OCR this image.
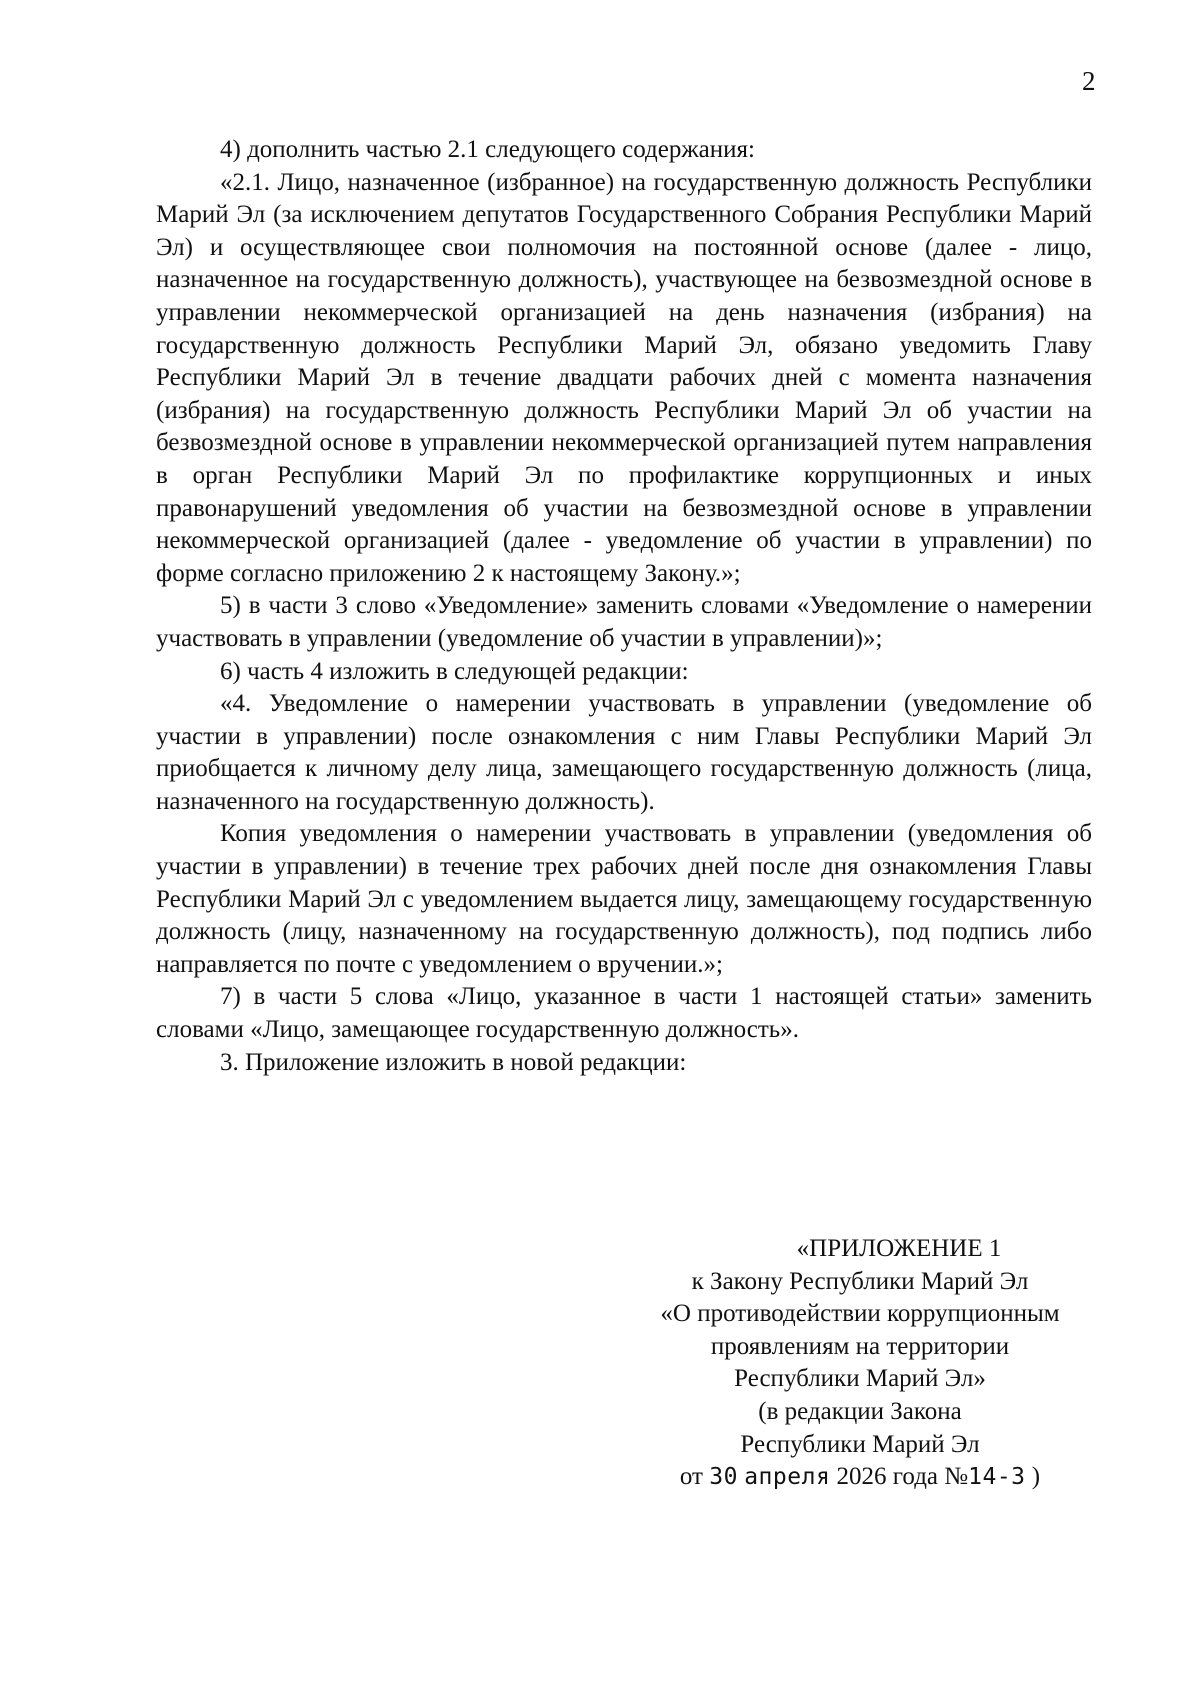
2

4) дополнить частью 2.1 следующего содержания:

«2.1. Лицо, назначенное (избранное) на государственную должность Республики Марий Эл (за исключением депутатов Государственного Собрания Республики Марий Эл) и осуществляющее свои полномочия на постоянной основе (далее - лицо, назначенное на государственную должность), участвующее на безвозмездной основе в управлении некоммерческой организацией на день назначения (избрания) на государственную должность Республики Марий Эл, обязано уведомить Главу Республики Марий Эл в течение двадцати рабочих дней с момента назначения (избрания) на государственную должность Республики Марий Эл об участии на безвозмездной основе в управлении некоммерческой организацией путем направления в орган Республики Марий Эл по профилактике коррупционных и иных правонарушений уведомления об участии на безвозмездной основе в управлении некоммерческой организацией (далее - уведомление об участии в управлении) по форме согласно приложению 2 к настоящему Закону.»;

5) в части 3 слово «Уведомление» заменить словами «Уведомление о намерении участвовать в управлении (уведомление об участии в управлении)»;

6) часть 4 изложить в следующей редакции:

«4. Уведомление о намерении участвовать в управлении (уведомление об участии в управлении) после ознакомления с ним Главы Республики Марий Эл приобщается к личному делу лица, замещающего государственную должность (лица, назначенного на государственную должность).

Копия уведомления о намерении участвовать в управлении (уведомления об участии в управлении) в течение трех рабочих дней после дня ознакомления Главы Республики Марий Эл с уведомлением выдается лицу, замещающему государственную должность (лицу, назначенному на государственную должность), под подпись либо направляется по почте с уведомлением о вручении.»;

7) в части 5 слова «Лицо, указанное в части 1 настоящей статьи» заменить словами «Лицо, замещающее государственную должность».

3. Приложение изложить в новой редакции:

«ПРИЛОЖЕНИЕ 1
к Закону Республики Марий Эл
«О противодействии коррупционным
проявлениям на территории
Республики Марий Эл»
(в редакции Закона
Республики Марий Эл
от 30 апреля 2026 года №14-З )
